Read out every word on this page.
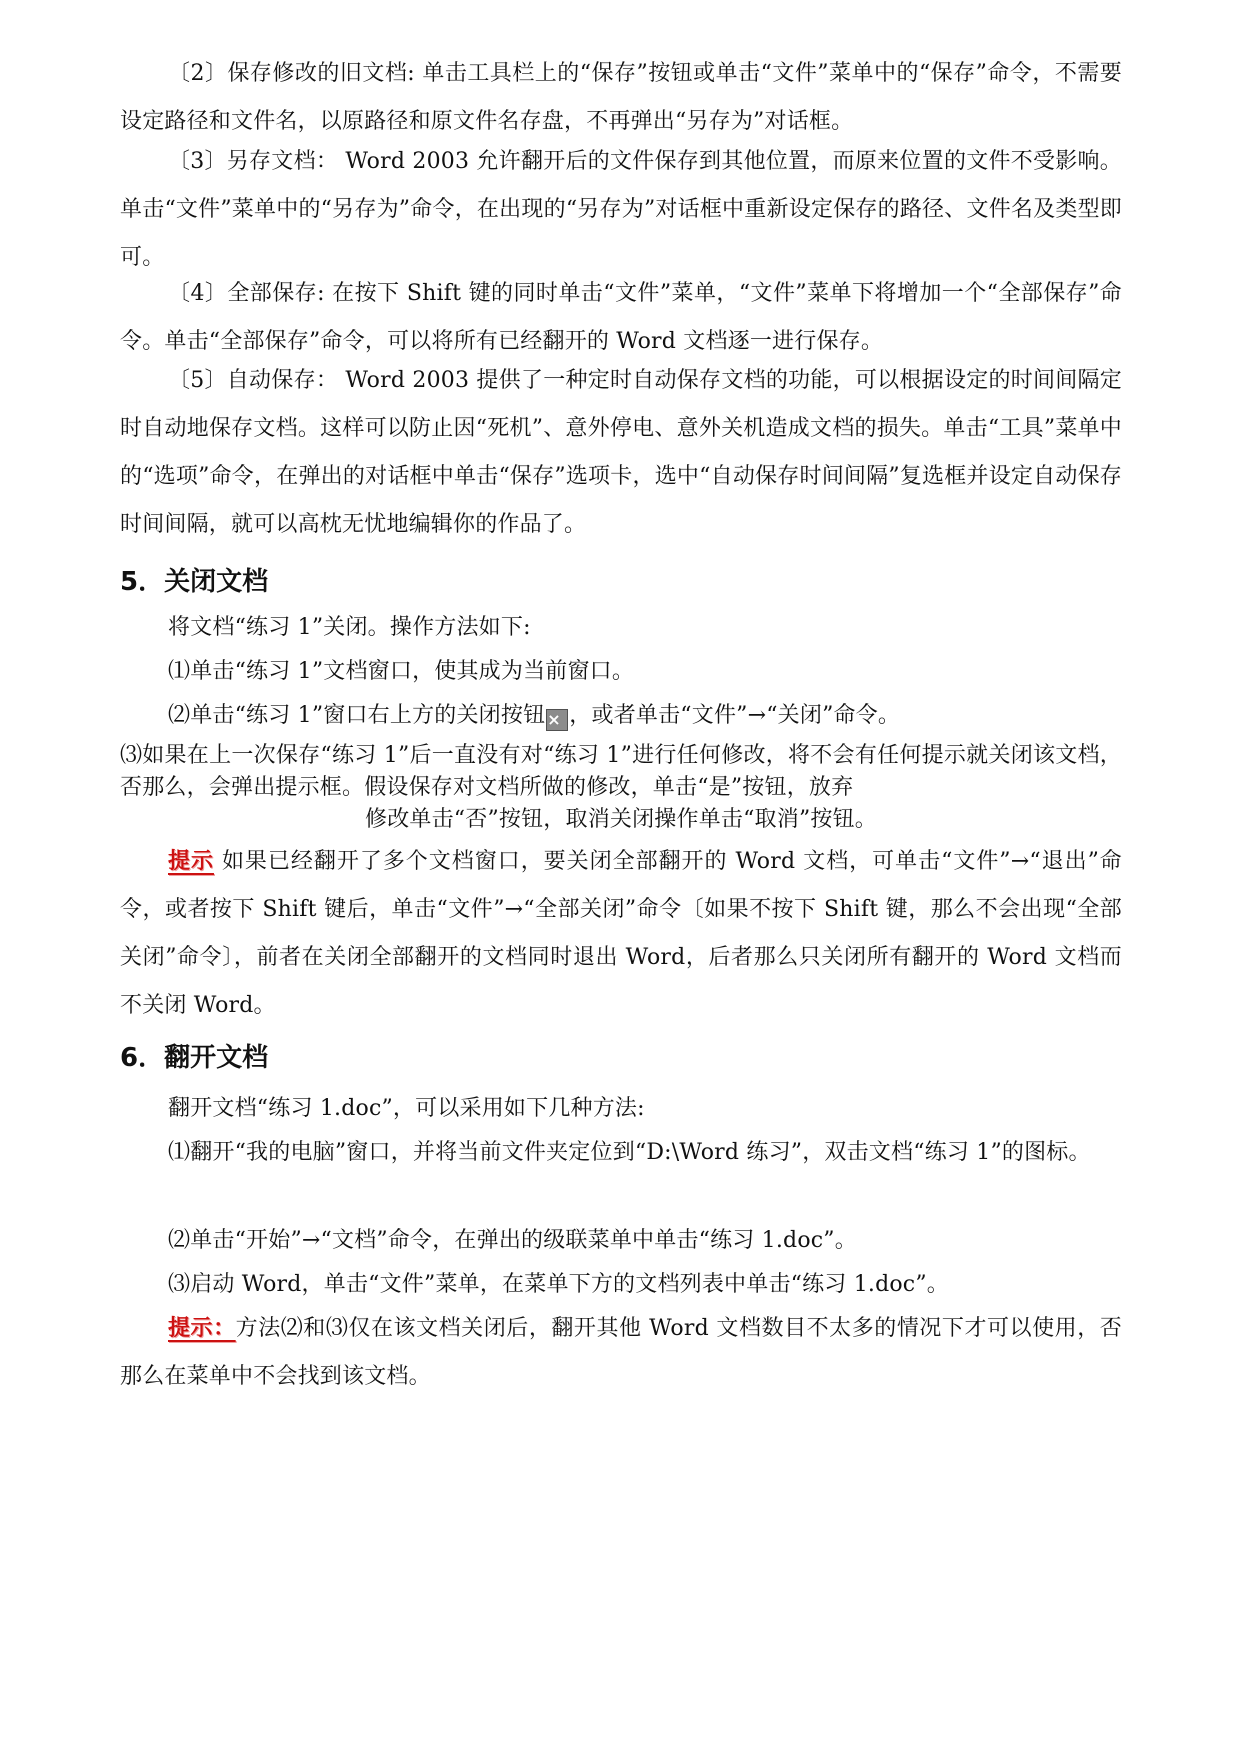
〔2〕保存修改的旧文档: 单击工具栏上的“保存”按钮或单击“文件”菜单中的“保存”命令，不需要设定路径和文件名，以原路径和原文件名存盘，不再弹出“另存为”对话框。

〔3〕另存文档： Word 2003 允许翻开后的文件保存到其他位置，而原来位置的文件不受影响。单击“文件”菜单中的“另存为”命令，在出现的“另存为”对话框中重新设定保存的路径、文件名及类型即可。

〔4〕全部保存: 在按下 Shift 键的同时单击“文件”菜单，“文件”菜单下将增加一个“全部保存”命令。单击“全部保存”命令，可以将所有已经翻开的 Word 文档逐一进行保存。

〔5〕自动保存： Word 2003 提供了一种定时自动保存文档的功能，可以根据设定的时间间隔定时自动地保存文档。这样可以防止因“死机”、意外停电、意外关机造成文档的损失。单击“工具”菜单中的“选项”命令，在弹出的对话框中单击“保存”选项卡，选中“自动保存时间间隔”复选框并设定自动保存时间间隔，就可以高枕无忧地编辑你的作品了。

5．关闭文档

将文档“练习 1”关闭。操作方法如下:

⑴单击“练习 1”文档窗口，使其成为当前窗口。

⑵单击“练习 1”窗口右上方的关闭按钮 × ，或者单击“文件”→“关闭”命令。

⑶如果在上一次保存“练习 1”后一直没有对“练习 1”进行任何修改，将不会有任何提示就关闭该文档，否那么，会弹出提示框。假设保存对文档所做的修改，单击“是”按钮，放弃

修改单击“否”按钮，取消关闭操作单击“取消”按钮。

提示 如果已经翻开了多个文档窗口，要关闭全部翻开的 Word 文档，可单击“文件”→“退出”命令，或者按下 Shift 键后，单击“文件”→“全部关闭”命令〔如果不按下 Shift 键，那么不会出现“全部关闭”命令〕，前者在关闭全部翻开的文档同时退出 Word，后者那么只关闭所有翻开的 Word 文档而不关闭 Word。

6．翻开文档

翻开文档“练习 1.doc”，可以采用如下几种方法:

⑴翻开“我的电脑”窗口，并将当前文件夹定位到“D:\Word 练习”，双击文档“练习 1”的图标。

⑵单击“开始”→“文档”命令，在弹出的级联菜单中单击“练习 1.doc”。

⑶启动 Word，单击“文件”菜单，在菜单下方的文档列表中单击“练习 1.doc”。

提示：方法⑵和⑶仅在该文档关闭后，翻开其他 Word 文档数目不太多的情况下才可以使用，否那么在菜单中不会找到该文档。
